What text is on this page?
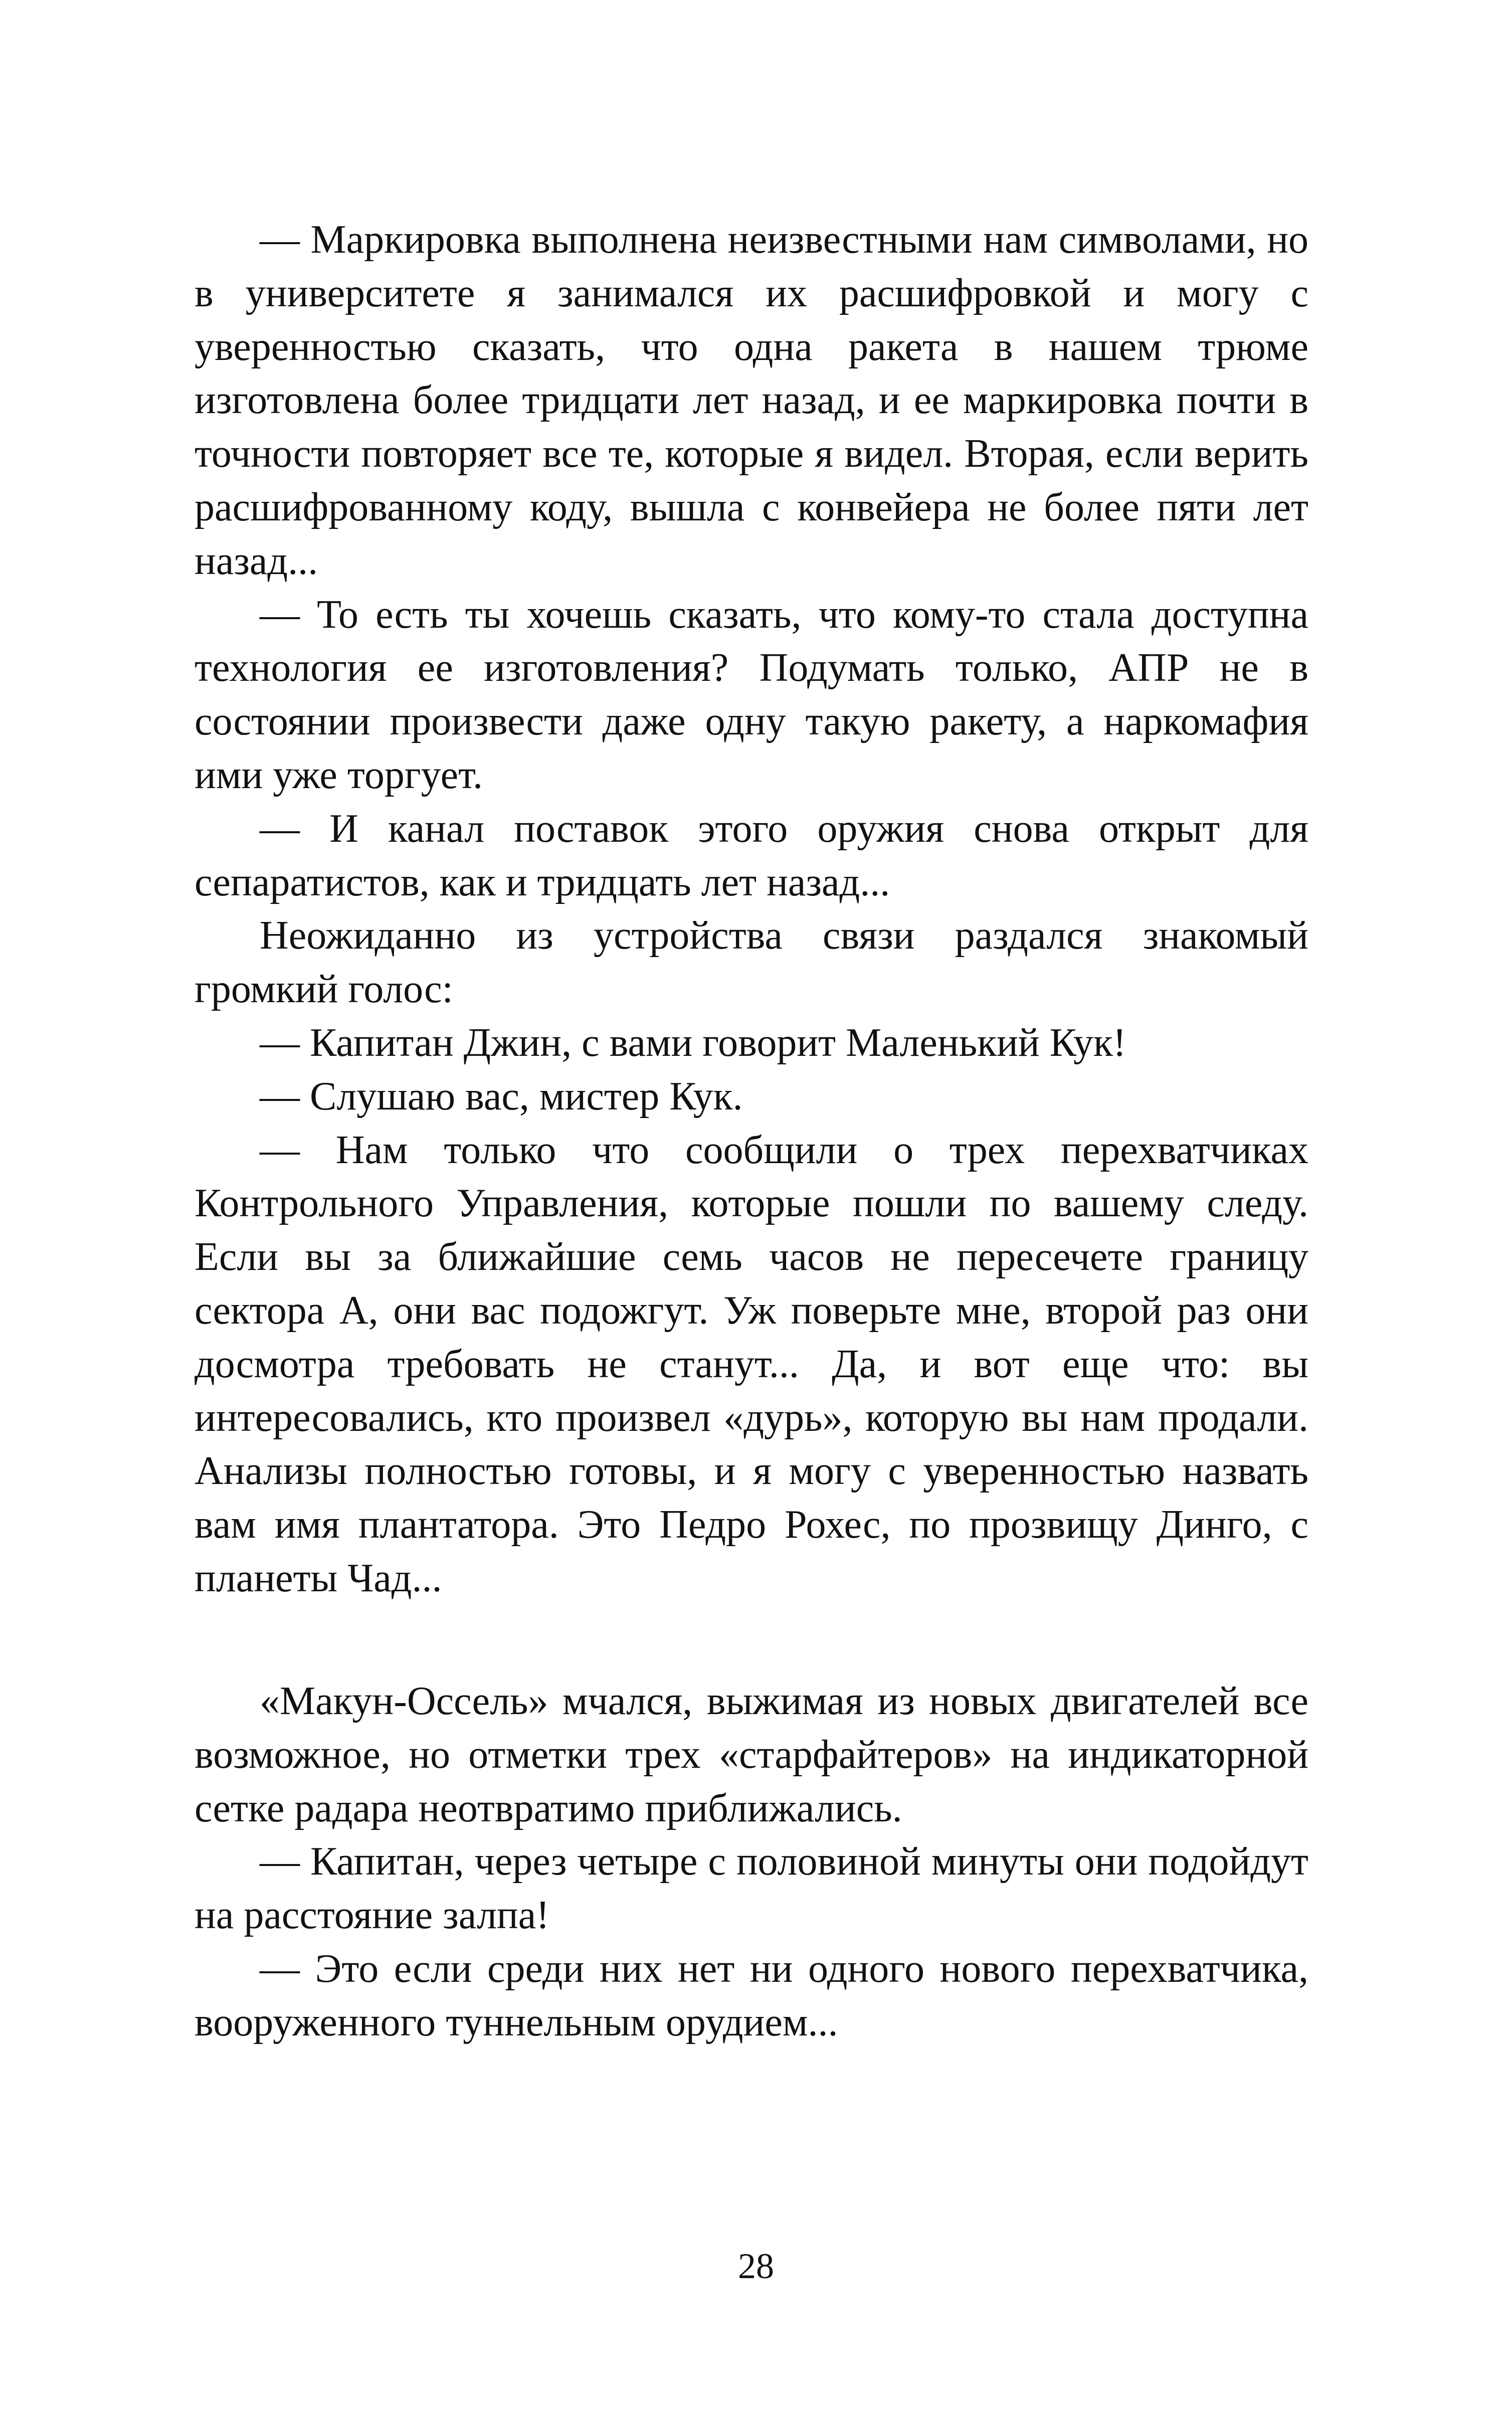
— Маркировка выполнена неизвестными нам символами, но в университете я занимался их расшифровкой и могу с уверенностью сказать, что одна ракета в нашем трюме изготовлена более тридцати лет назад, и ее маркировка почти в точности повторяет все те, которые я видел. Вторая, если верить расшифрованному коду, вышла с конвейера не более пяти лет назад...

— То есть ты хочешь сказать, что кому-то стала доступна технология ее изготовления? Подумать только, АПР не в состоянии произвести даже одну такую ракету, а наркомафия ими уже торгует.

— И канал поставок этого оружия снова открыт для сепаратистов, как и тридцать лет назад...

Неожиданно из устройства связи раздался знакомый громкий голос:

— Капитан Джин, с вами говорит Маленький Кук!

— Слушаю вас, мистер Кук.

— Нам только что сообщили о трех перехватчиках Контрольного Управления, которые пошли по вашему следу. Если вы за ближайшие семь часов не пересечете границу сектора А, они вас подожгут. Уж поверьте мне, второй раз они досмотра требовать не станут... Да, и вот еще что: вы интересовались, кто произвел «дурь», которую вы нам продали. Анализы полностью готовы, и я могу с уверенностью назвать вам имя плантатора. Это Педро Рохес, по прозвищу Динго, с планеты Чад...

«Макун-Оссель» мчался, выжимая из новых двигателей все возможное, но отметки трех «старфайтеров» на индикаторной сетке радара неотвратимо приближались.

— Капитан, через четыре с половиной минуты они подойдут на расстояние залпа!

— Это если среди них нет ни одного нового перехватчика, вооруженного туннельным орудием...

28
